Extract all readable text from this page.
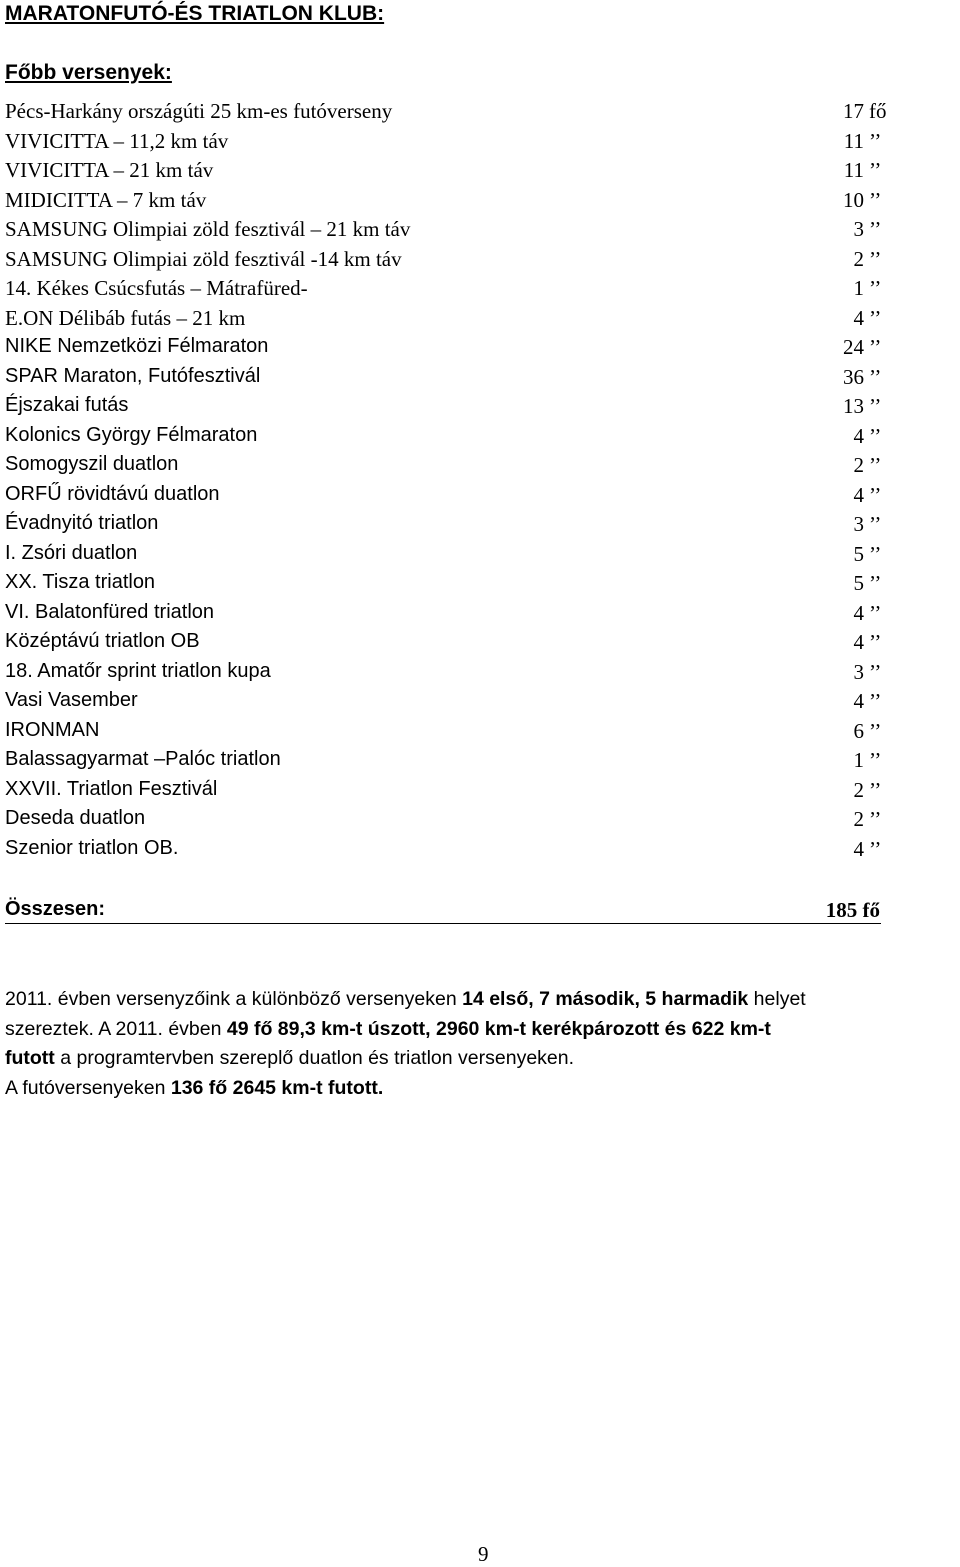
MARATONFUTÓ-ÉS TRIATLON KLUB:
Főbb versenyek:
Pécs-Harkány országúti 25 km-es futóverseny	17 fő
VIVICITTA – 11,2 km táv	11 ’’
VIVICITTA – 21 km táv	11 ’’
MIDICITTA – 7 km táv	10 ’’
SAMSUNG Olimpiai zöld fesztivál – 21 km táv	3 ’’
SAMSUNG Olimpiai zöld fesztivál -14 km táv	2 ’’
14. Kékes Csúcsfutás – Mátrafüred-	1 ’’
E.ON Délibáb futás – 21 km	4 ’’
NIKE Nemzetközi Félmaraton	24 ’’
SPAR Maraton, Futófesztivál	36 ’’
Éjszakai futás	13 ’’
Kolonics György Félmaraton	4 ’’
Somogyszil duatlon	2 ’’
ORFŰ rövidtávú duatlon	4 ’’
Évadnyitó triatlon	3 ’’
I. Zsóri duatlon	5 ’’
XX. Tisza triatlon	5 ’’
VI. Balatonfüred triatlon	4 ’’
Középtávú triatlon OB	4 ’’
18. Amatőr sprint triatlon kupa	3 ’’
Vasi Vasember	4 ’’
IRONMAN	6 ’’
Balassagyarmat –Palóc triatlon	1 ’’
XXVII. Triatlon Fesztivál	2 ’’
Deseda duatlon	2 ’’
Szenior triatlon OB.	4 ’’
Összesen:	185 fő
2011. évben versenyzőink a különböző versenyeken 14 első, 7 második, 5 harmadik helyet
szereztek. A 2011. évben 49 fő 89,3 km-t úszott, 2960 km-t kerékpározott és 622 km-t
futott a programtervben szereplő duatlon és triatlon versenyeken.
A futóversenyeken 136 fő 2645 km-t futott.
9
